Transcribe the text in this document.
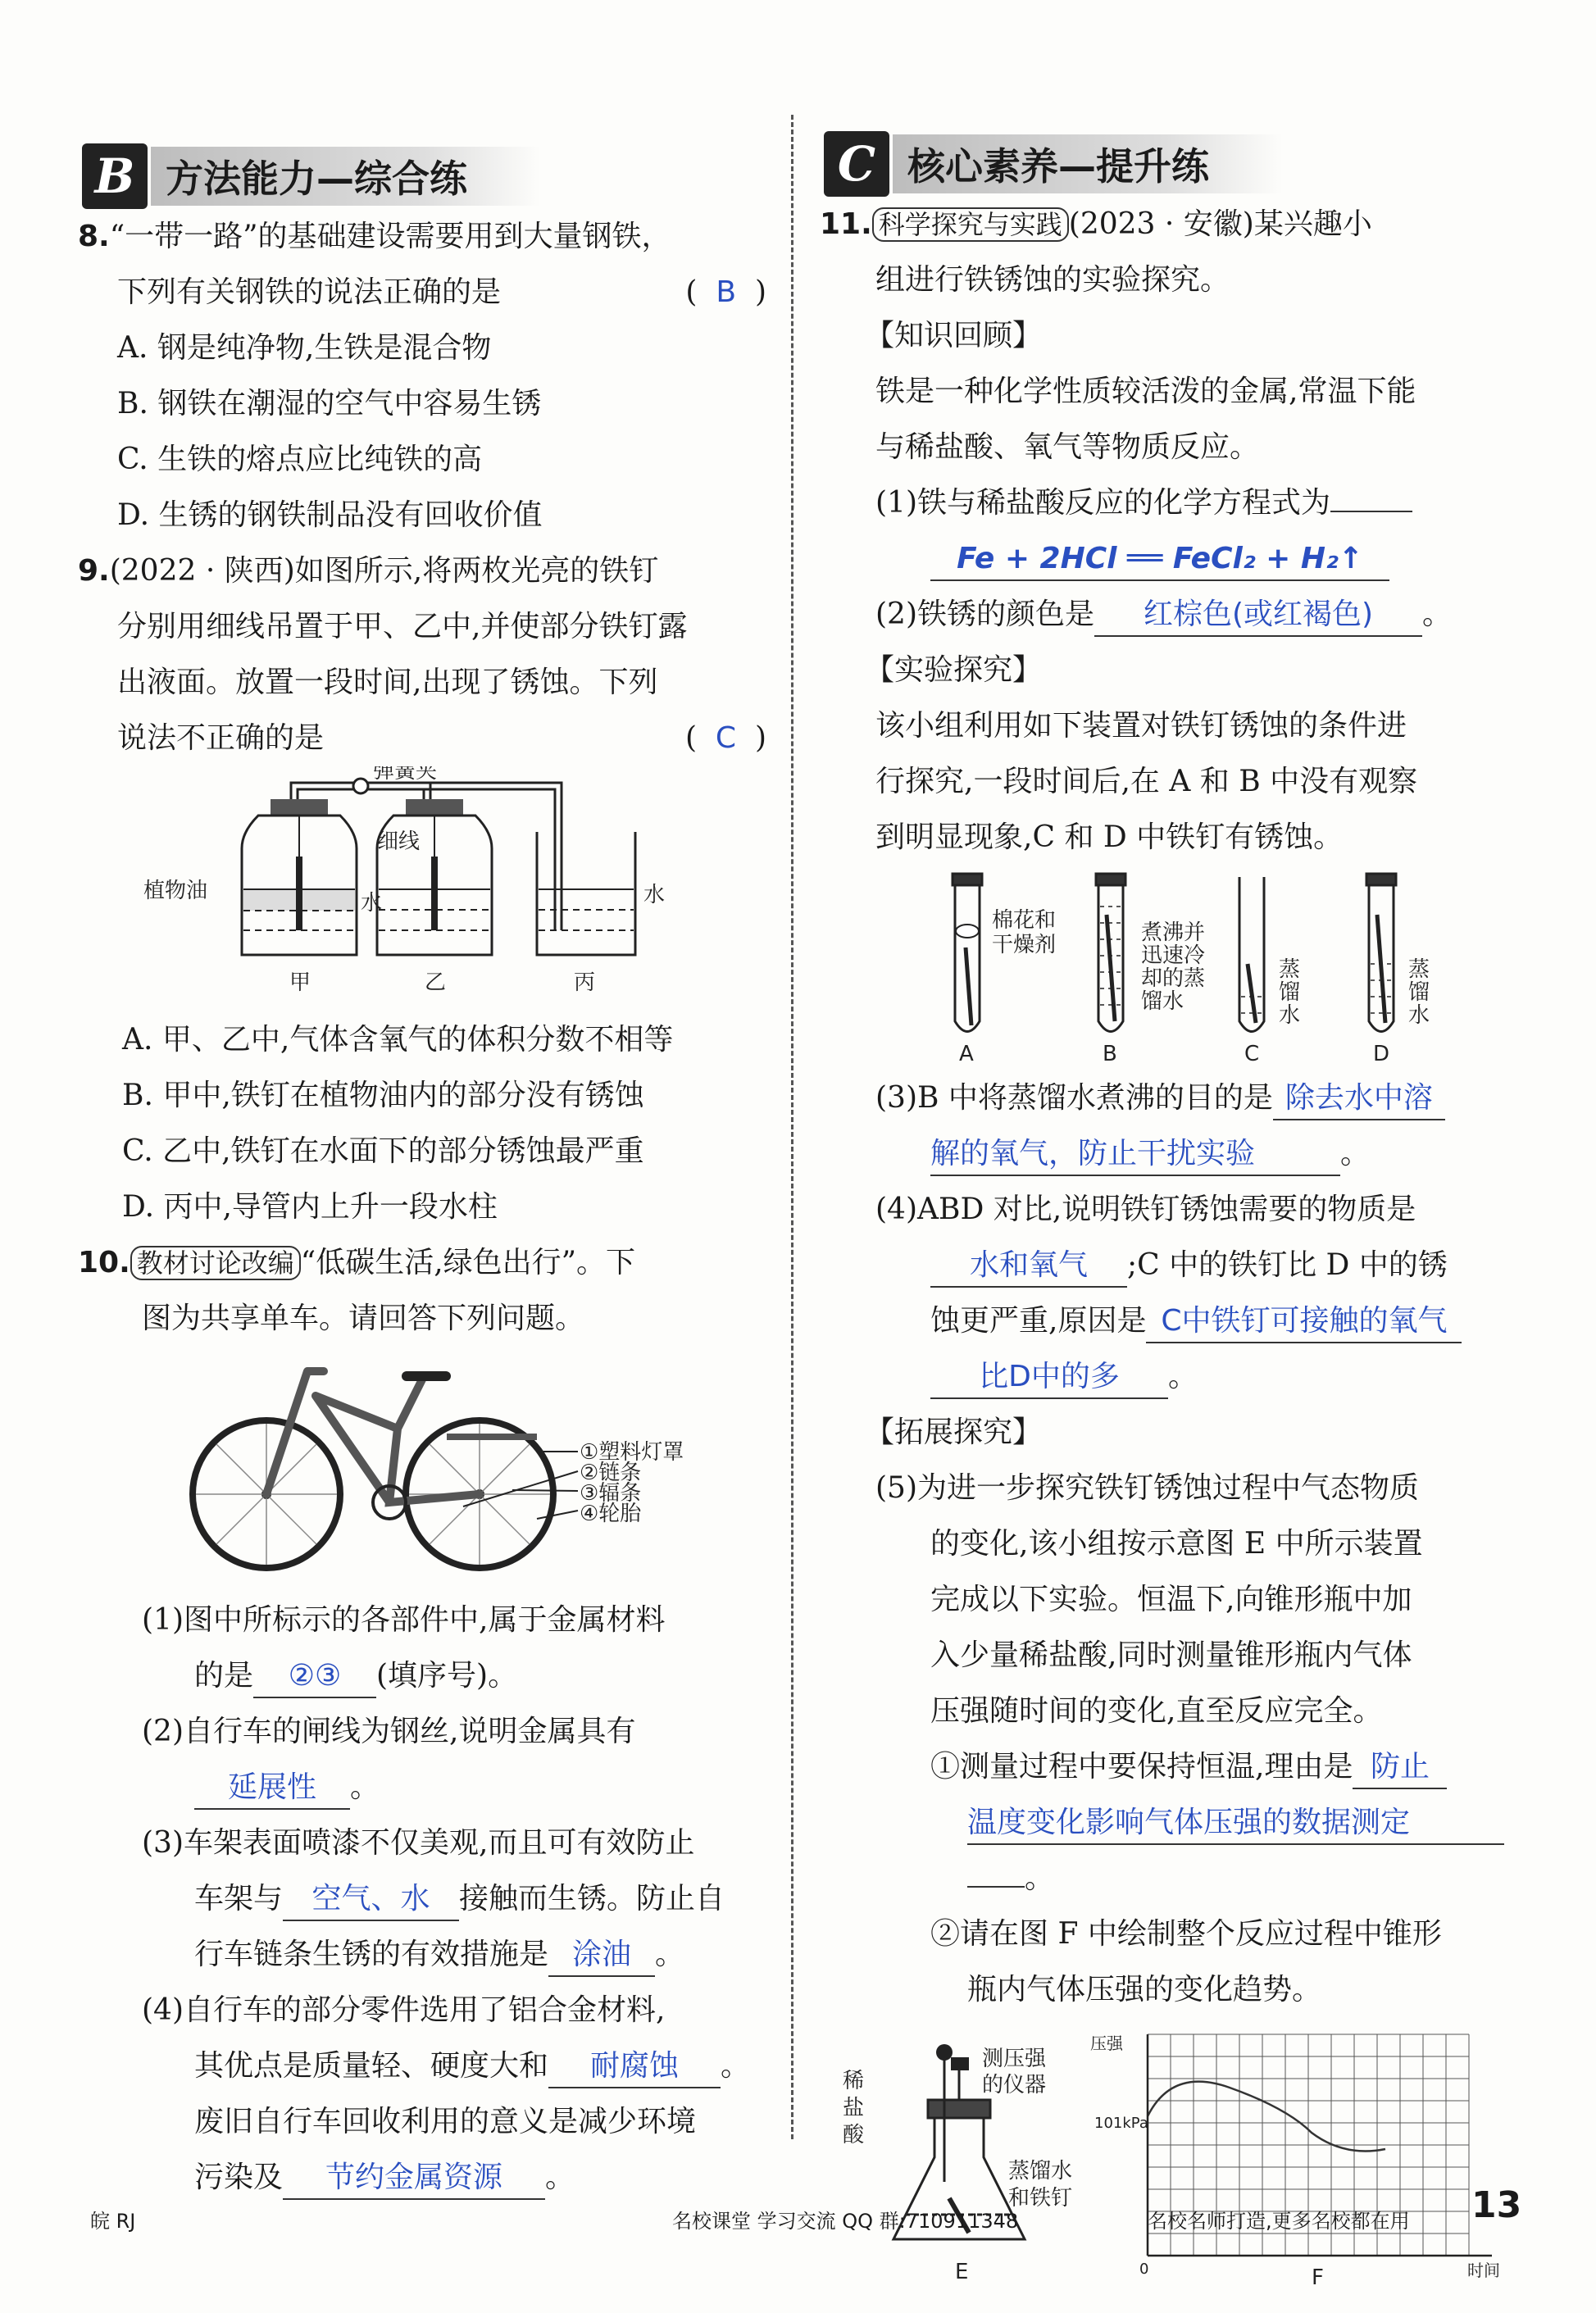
B 方法能力—综合练	C 核心素养—提升练
8.“一带一路”的基础建设需要用到大量钢铁，
下列有关钢铁的说法正确的是	(  B  )
A. 钢是纯净物,生铁是混合物
B. 钢铁在潮湿的空气中容易生锈
C. 生铁的熔点应比纯铁的高
D. 生锈的钢铁制品没有回收价值
9.(2022 · 陕西)如图所示,将两枚光亮的铁钉
分别用细线吊置于甲、乙中,并使部分铁钉露
出液面。放置一段时间,出现了锈蚀。下列
说法不正确的是	(  C  )
弹簧夹
细线
植物油	水	水
甲	乙	丙
A. 甲、乙中,气体含氧气的体积分数不相等
B. 甲中,铁钉在植物油内的部分没有锈蚀
C. 乙中,铁钉在水面下的部分锈蚀最严重
D. 丙中,导管内上升一段水柱
10. 教材讨论改编 “低碳生活,绿色出行”。下
图为共享单车。请回答下列问题。
①塑料灯罩
②链条
③辐条
④轮胎
(1)图中所标示的各部件中,属于金属材料
的是 ②③ (填序号)。
(2)自行车的闸线为钢丝,说明金属具有
延展性 。
(3)车架表面喷漆不仅美观,而且可有效防止
车架与 空气、水 接触而生锈。防止自
行车链条生锈的有效措施是 涂油 。
(4)自行车的部分零件选用了铝合金材料,
其优点是质量轻、硬度大和 耐腐蚀 。
废旧自行车回收利用的意义是减少环境
污染及 节约金属资源 。
11. 科学探究与实践 (2023 · 安徽)某兴趣小
组进行铁锈蚀的实验探究。
【知识回顾】
铁是一种化学性质较活泼的金属,常温下能
与稀盐酸、氧气等物质反应。
(1)铁与稀盐酸反应的化学方程式为
Fe + 2HCl ══ FeCl₂ + H₂↑
(2)铁锈的颜色是 红棕色(或红褐色) 。
【实验探究】
该小组利用如下装置对铁钉锈蚀的条件进
行探究,一段时间后,在 A 和 B 中没有观察
到明显现象,C 和 D 中铁钉有锈蚀。
棉花和
干燥剂	煮沸并
迅速冷
却的蒸
馏水
蒸
馏
水
蒸
馏
水
A	B	C	D
(3)B 中将蒸馏水煮沸的目的是 除去水中溶
解的氧气，防止干扰实验	。
(4)ABD 对比,说明铁钉锈蚀需要的物质是
水和氧气 ;C 中的铁钉比 D 中的锈
蚀更严重,原因是 C中铁钉可接触的氧气
比D中的多 。
【拓展探究】
(5)为进一步探究铁钉锈蚀过程中气态物质
的变化,该小组按示意图 E 中所示装置
完成以下实验。恒温下,向锥形瓶中加
入少量稀盐酸,同时测量锥形瓶内气体
压强随时间的变化,直至反应完全。
①测量过程中要保持恒温,理由是 防止
温度变化影响气体压强的数据测定
。
②请在图 F 中绘制整个反应过程中锥形
瓶内气体压强的变化趋势。
稀
盐
酸
测压强
的仪器
蒸馏水
和铁钉
E
压强
101kPa
0	时间
F
皖 RJ	名校课堂 学习交流 QQ 群:710911348	名校名师打造,更多名校都在用 13
